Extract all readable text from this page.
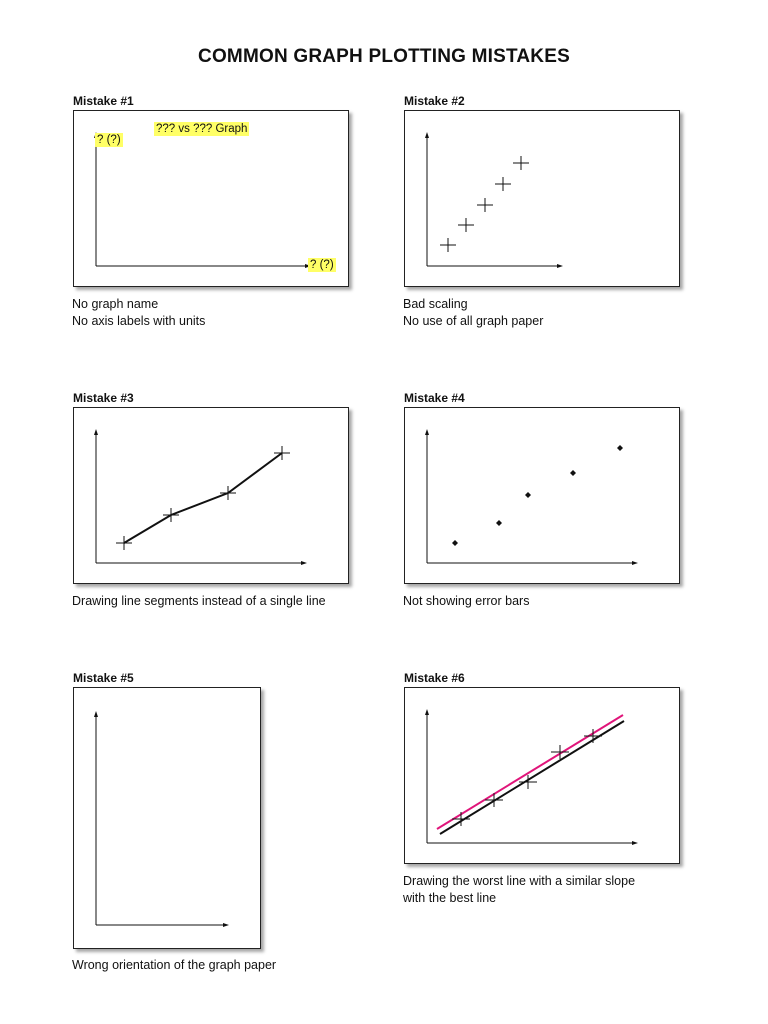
COMMON GRAPH PLOTTING MISTAKES
Mistake #1
??? vs ??? Graph
? (?)
? (?)
No graph name
No axis labels with units
Mistake #2
Bad scaling
No use of all graph paper
Mistake #3
Drawing line segments instead of a single line
Mistake #4
Not showing error bars
Mistake #5
Wrong orientation of the graph paper
Mistake #6
Drawing the worst line with a similar slope
with the best line
